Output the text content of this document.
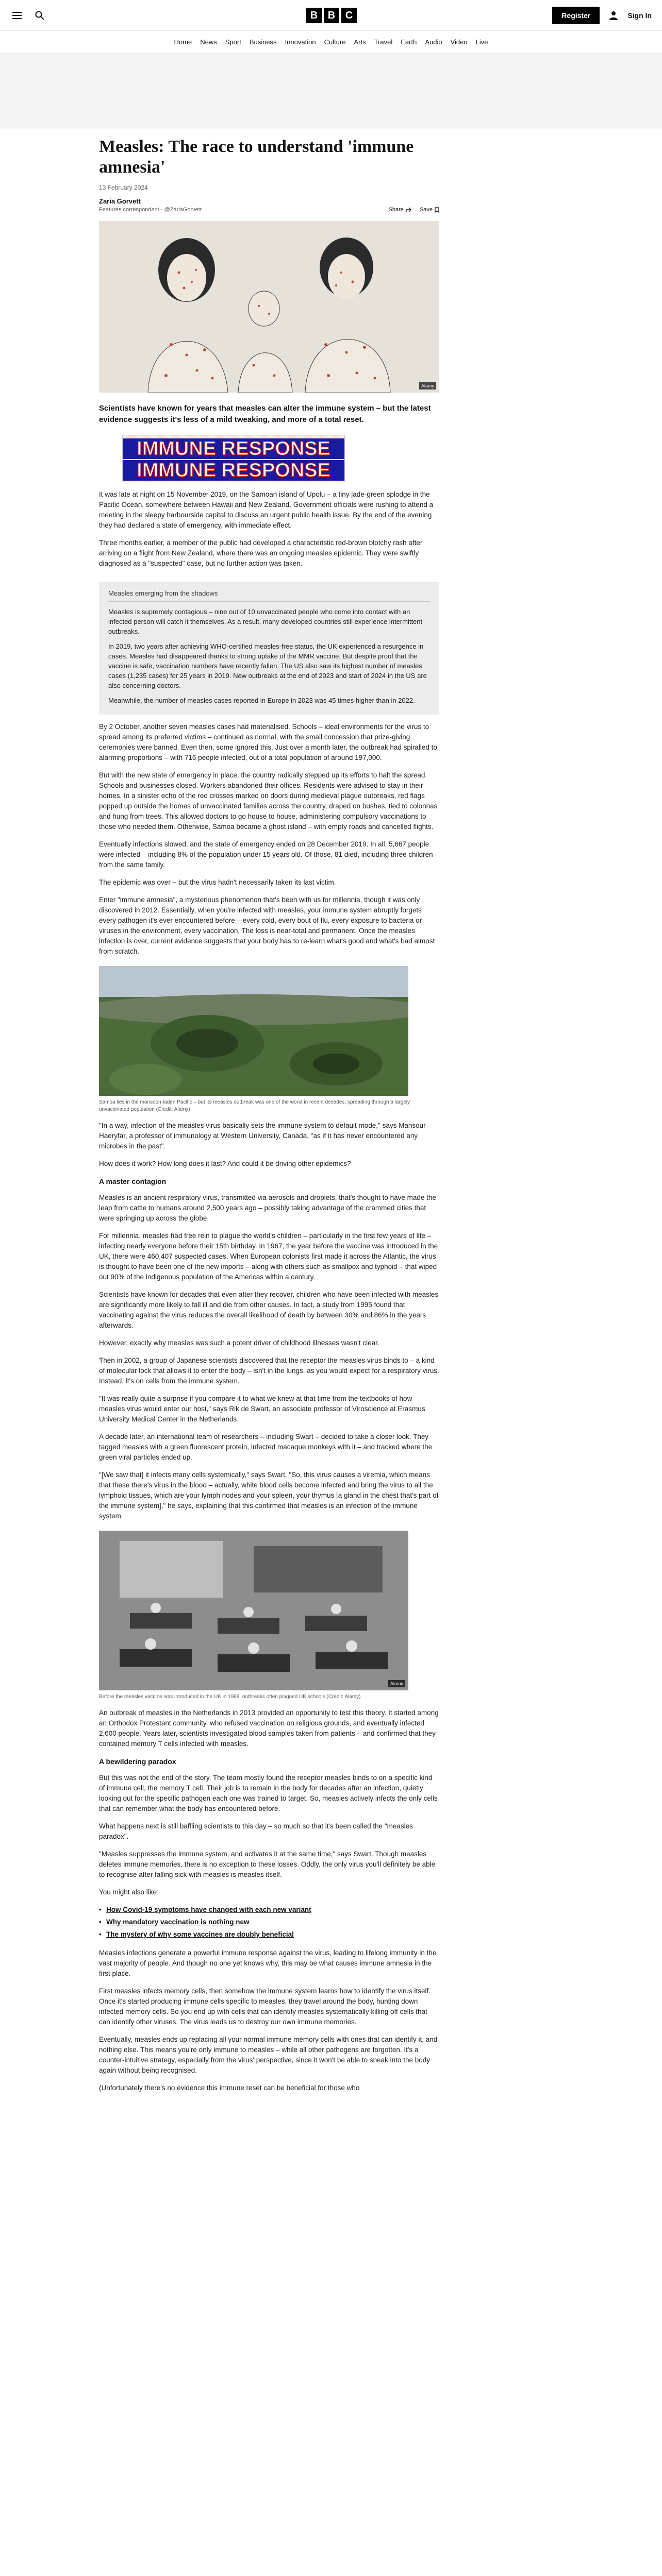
B B C	Register	Sign In
Home News Sport Business Innovation Culture Arts Travel Earth Audio Video Live
Measles: The race to understand 'immune amnesia'
13 February 2024
Zaria Gorvett
Features correspondent · @ZariaGorvett	Share	Save
Alamy

Scientists have known for years that measles can alter the immune system – but the latest evidence suggests it's less of a mild tweaking, and more of a total reset.

IMMUNE RESPONSE
IMMUNE RESPONSE

It was late at night on 15 November 2019, on the Samoan island of Upolu – a tiny jade-green splodge in the Pacific Ocean, somewhere between Hawaii and New Zealand. Government officials were rushing to attend a meeting in the sleepy harbourside capital to discuss an urgent public health issue. By the end of the evening they had declared a state of emergency, with immediate effect.

Three months earlier, a member of the public had developed a characteristic red-brown blotchy rash after arriving on a flight from New Zealand, where there was an ongoing measles epidemic. They were swiftly diagnosed as a "suspected" case, but no further action was taken.

Measles emerging from the shadows

Measles is supremely contagious – nine out of 10 unvaccinated people who come into contact with an infected person will catch it themselves. As a result, many developed countries still experience intermittent outbreaks.

In 2019, two years after achieving WHO-certified measles-free status, the UK experienced a resurgence in cases. Measles had disappeared thanks to strong uptake of the MMR vaccine. But despite proof that the vaccine is safe, vaccination numbers have recently fallen. The US also saw its highest number of measles cases (1,235 cases) for 25 years in 2019. New outbreaks at the end of 2023 and start of 2024 in the US are also concerning doctors.

Meanwhile, the number of measles cases reported in Europe in 2023 was 45 times higher than in 2022.

By 2 October, another seven measles cases had materialised. Schools – ideal environments for the virus to spread among its preferred victims – continued as normal, with the small concession that prize-giving ceremonies were banned. Even then, some ignored this. Just over a month later, the outbreak had spiralled to alarming proportions – with 716 people infected, out of a total population of around 197,000.

But with the new state of emergency in place, the country radically stepped up its efforts to halt the spread. Schools and businesses closed. Workers abandoned their offices. Residents were advised to stay in their homes. In a sinister echo of the red crosses marked on doors during medieval plague outbreaks, red flags popped up outside the homes of unvaccinated families across the country, draped on bushes, tied to colonnas and hung from trees. This allowed doctors to go house to house, administering compulsory vaccinations to those who needed them. Otherwise, Samoa became a ghost island – with empty roads and cancelled flights.

Eventually infections slowed, and the state of emergency ended on 28 December 2019. In all, 5,667 people were infected – including 8% of the population under 15 years old. Of those, 81 died, including three children from the same family.

The epidemic was over – but the virus hadn't necessarily taken its last victim.

Enter "immune amnesia", a mysterious phenomenon that's been with us for millennia, though it was only discovered in 2012. Essentially, when you're infected with measles, your immune system abruptly forgets every pathogen it's ever encountered before – every cold, every bout of flu, every exposure to bacteria or viruses in the environment, every vaccination. The loss is near-total and permanent. Once the measles infection is over, current evidence suggests that your body has to re-learn what's good and what's bad almost from scratch.

Samoa lies in the monsoon-laden Pacific – but its measles outbreak was one of the worst in recent decades, spreading through a largely unvaccinated population (Credit: Alamy)

"In a way, infection of the measles virus basically sets the immune system to default mode," says Mansour Haeryfar, a professor of immunology at Western University, Canada, "as if it has never encountered any microbes in the past".

How does it work? How long does it last? And could it be driving other epidemics?

A master contagion

Measles is an ancient respiratory virus, transmitted via aerosols and droplets, that's thought to have made the leap from cattle to humans around 2,500 years ago – possibly taking advantage of the crammed cities that were springing up across the globe.

For millennia, measles had free rein to plague the world's children – particularly in the first few years of life – infecting nearly everyone before their 15th birthday. In 1967, the year before the vaccine was introduced in the UK, there were 460,407 suspected cases. When European colonists first made it across the Atlantic, the virus is thought to have been one of the new imports – along with others such as smallpox and typhoid – that wiped out 90% of the indigenous population of the Americas within a century.

Scientists have known for decades that even after they recover, children who have been infected with measles are significantly more likely to fall ill and die from other causes. In fact, a study from 1995 found that vaccinating against the virus reduces the overall likelihood of death by between 30% and 86% in the years afterwards.

However, exactly why measles was such a potent driver of childhood illnesses wasn't clear.

Then in 2002, a group of Japanese scientists discovered that the receptor the measles virus binds to – a kind of molecular lock that allows it to enter the body – isn't in the lungs, as you would expect for a respiratory virus. Instead, it's on cells from the immune system.

"It was really quite a surprise if you compare it to what we knew at that time from the textbooks of how measles virus would enter our host," says Rik de Swart, an associate professor of Viroscience at Erasmus University Medical Center in the Netherlands.

A decade later, an international team of researchers – including Swart – decided to take a closer look. They tagged measles with a green fluorescent protein, infected macaque monkeys with it – and tracked where the green viral particles ended up.

"[We saw that] it infects many cells systemically," says Swart. "So, this virus causes a viremia, which means that these there's virus in the blood – actually, white blood cells become infected and bring the virus to all the lymphoid tissues, which are your lymph nodes and your spleen, your thymus [a gland in the chest that's part of the immune system]," he says, explaining that this confirmed that measles is an infection of the immune system.

Alamy
Before the measles vaccine was introduced in the UK in 1968, outbreaks often plagued UK schools (Credit: Alamy)

An outbreak of measles in the Netherlands in 2013 provided an opportunity to test this theory. It started among an Orthodox Protestant community, who refused vaccination on religious grounds, and eventually infected 2,600 people. Years later, scientists investigated blood samples taken from patients – and confirmed that they contained memory T cells infected with measles.

A bewildering paradox

But this was not the end of the story. The team mostly found the receptor measles binds to on a specific kind of immune cell, the memory T cell. Their job is to remain in the body for decades after an infection, quietly looking out for the specific pathogen each one was trained to target. So, measles actively infects the only cells that can remember what the body has encountered before.

What happens next is still baffling scientists to this day – so much so that it's been called the "measles paradox".

"Measles suppresses the immune system, and activates it at the same time," says Swart. Though measles deletes immune memories, there is no exception to these losses. Oddly, the only virus you'll definitely be able to recognise after falling sick with measles is measles itself.

You might also like:

• How Covid-19 symptoms have changed with each new variant
• Why mandatory vaccination is nothing new
• The mystery of why some vaccines are doubly beneficial

Measles infections generate a powerful immune response against the virus, leading to lifelong immunity in the vast majority of people. And though no one yet knows why, this may be what causes immune amnesia in the first place.

First measles infects memory cells, then somehow the immune system learns how to identify the virus itself. Once it's started producing immune cells specific to measles, they travel around the body, hunting down infected memory cells. So you end up with cells that can identify measles systematically killing off cells that can identify other viruses. The virus leads us to destroy our own immune memories.

Eventually, measles ends up replacing all your normal immune memory cells with ones that can identify it, and nothing else. This means you're only immune to measles – while all other pathogens are forgotten. It's a counter-intuitive strategy, especially from the virus' perspective, since it won't be able to sneak into the body again without being recognised.

(Unfortunately there's no evidence this immune reset can be beneficial for those who
